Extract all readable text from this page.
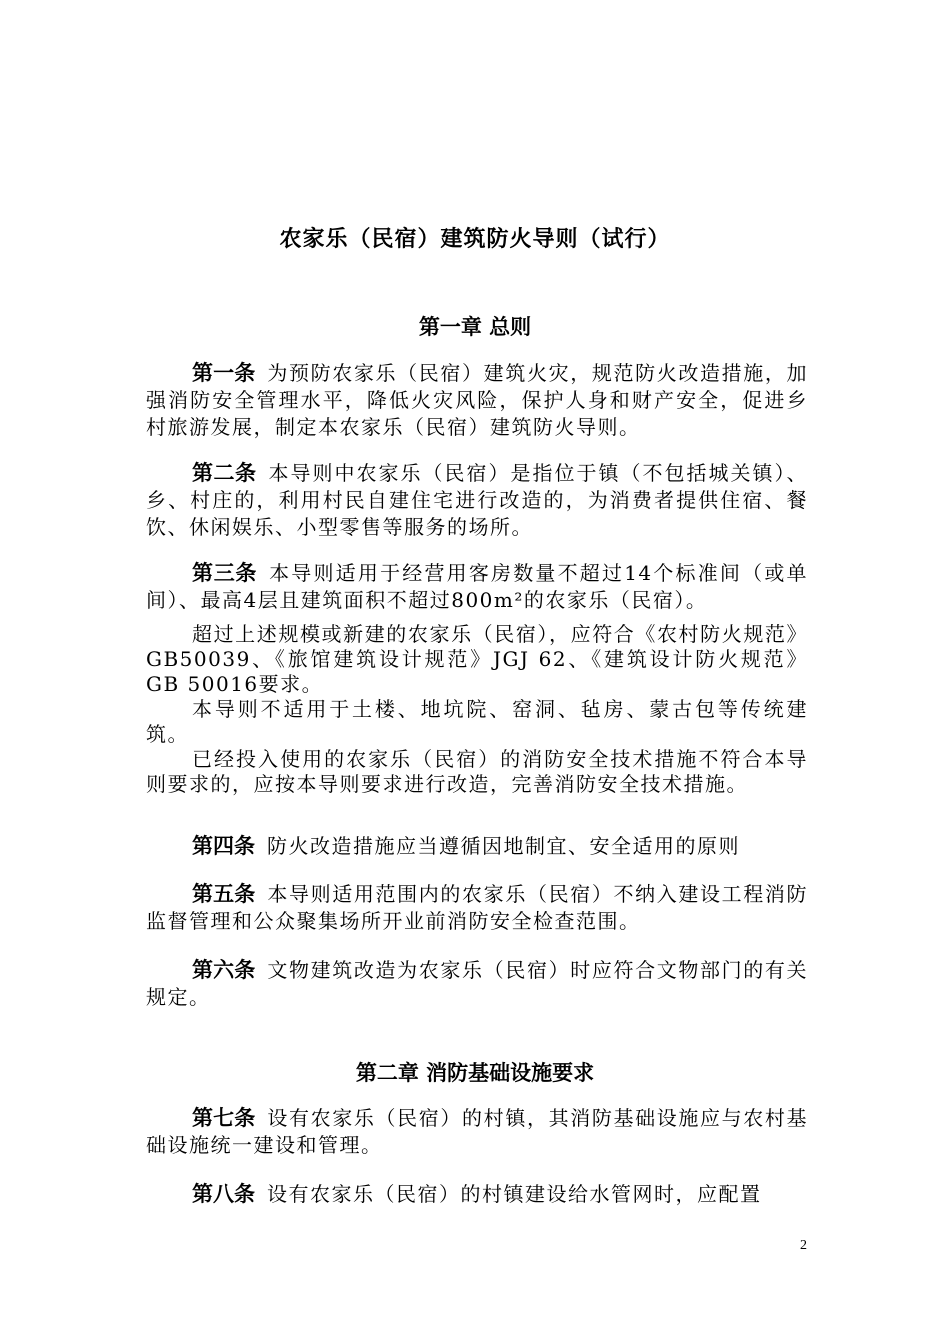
农家乐（民宿）建筑防火导则（试行）
第一章 总则
第一条 为预防农家乐（民宿）建筑火灾，规范防火改造措施，加强消防安全管理水平，降低火灾风险，保护人身和财产安全，促进乡村旅游发展，制定本农家乐（民宿）建筑防火导则。
第二条 本导则中农家乐（民宿）是指位于镇（不包括城关镇）、乡、村庄的，利用村民自建住宅进行改造的，为消费者提供住宿、餐饮、休闲娱乐、小型零售等服务的场所。
第三条 本导则适用于经营用客房数量不超过14个标准间（或单间）、最高4层且建筑面积不超过800m²的农家乐（民宿）。
超过上述规模或新建的农家乐（民宿），应符合《农村防火规范》GB50039、《旅馆建筑设计规范》JGJ 62、《建筑设计防火规范》GB 50016要求。
本导则不适用于土楼、地坑院、窑洞、毡房、蒙古包等传统建筑。
已经投入使用的农家乐（民宿）的消防安全技术措施不符合本导则要求的，应按本导则要求进行改造，完善消防安全技术措施。
第四条 防火改造措施应当遵循因地制宜、安全适用的原则
第五条 本导则适用范围内的农家乐（民宿）不纳入建设工程消防监督管理和公众聚集场所开业前消防安全检查范围。
第六条 文物建筑改造为农家乐（民宿）时应符合文物部门的有关规定。
第二章 消防基础设施要求
第七条 设有农家乐（民宿）的村镇，其消防基础设施应与农村基础设施统一建设和管理。
第八条 设有农家乐（民宿）的村镇建设给水管网时，应配置
2
